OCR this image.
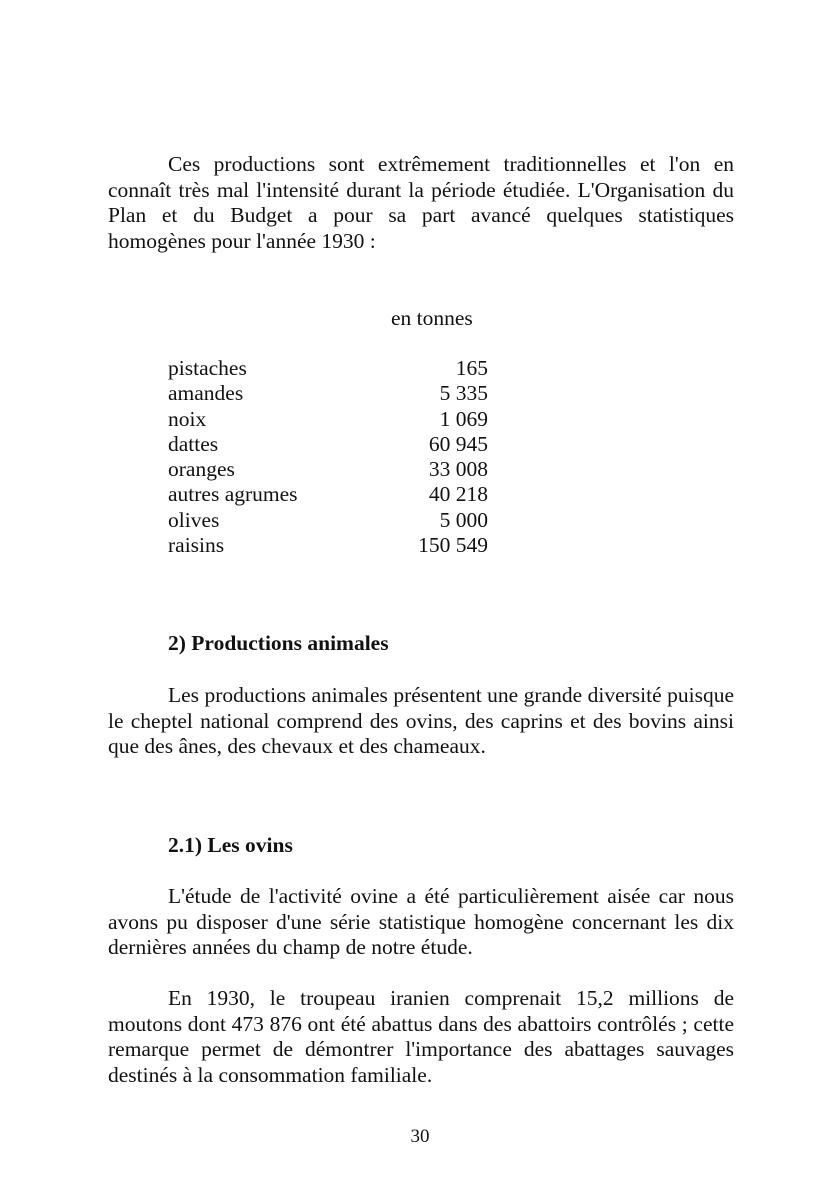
Ces productions sont extrêmement traditionnelles et l'on en connaît très mal l'intensité durant la période étudiée. L'Organisation du Plan et du Budget a pour sa part avancé quelques statistiques homogènes pour l'année 1930 :

en tonnes
pistaches	165
amandes	5 335
noix	1 069
dattes	60 945
oranges	33 008
autres agrumes	40 218
olives	5 000
raisins	150 549
2) Productions animales

Les productions animales présentent une grande diversité puisque le cheptel national comprend des ovins, des caprins et des bovins ainsi que des ânes, des chevaux et des chameaux.

2.1) Les ovins

L'étude de l'activité ovine a été particulièrement aisée car nous avons pu disposer d'une série statistique homogène concernant les dix dernières années du champ de notre étude.

En 1930, le troupeau iranien comprenait 15,2 millions de moutons dont 473 876 ont été abattus dans des abattoirs contrôlés ; cette remarque permet de démontrer l'importance des abattages sauvages destinés à la consommation familiale.

30
